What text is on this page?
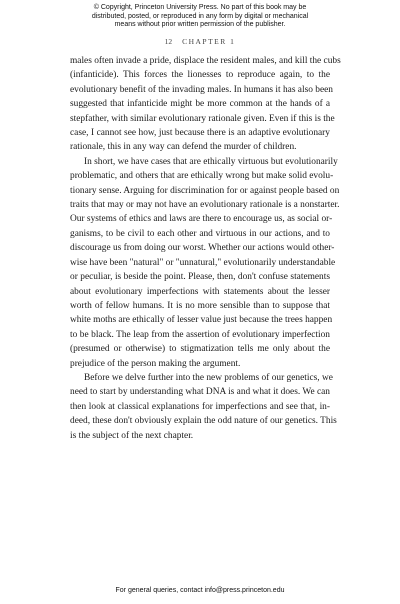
© Copyright, Princeton University Press. No part of this book may be
distributed, posted, or reproduced in any form by digital or mechanical
means without prior written permission of the publisher.
12 CHAPTER 1

males often invade a pride, displace the resident males, and kill the cubs
(infanticide). This forces the lionesses to reproduce again, to the
evolutionary benefit of the invading males. In humans it has also been
suggested that infanticide might be more common at the hands of a
stepfather, with similar evolutionary rationale given. Even if this is the
case, I cannot see how, just because there is an adaptive evolutionary
rationale, this in any way can defend the murder of children.

In short, we have cases that are ethically virtuous but evolutionarily
problematic, and others that are ethically wrong but make solid evolu-
tionary sense. Arguing for discrimination for or against people based on
traits that may or may not have an evolutionary rationale is a nonstarter.
Our systems of ethics and laws are there to encourage us, as social or-
ganisms, to be civil to each other and virtuous in our actions, and to
discourage us from doing our worst. Whether our actions would other-
wise have been "natural" or "unnatural," evolutionarily understandable
or peculiar, is beside the point. Please, then, don't confuse statements
about evolutionary imperfections with statements about the lesser
worth of fellow humans. It is no more sensible than to suppose that
white moths are ethically of lesser value just because the trees happen
to be black. The leap from the assertion of evolutionary imperfection
(presumed or otherwise) to stigmatization tells me only about the
prejudice of the person making the argument.

Before we delve further into the new problems of our genetics, we
need to start by understanding what DNA is and what it does. We can
then look at classical explanations for imperfections and see that, in-
deed, these don't obviously explain the odd nature of our genetics. This
is the subject of the next chapter.

For general queries, contact info@press.princeton.edu
